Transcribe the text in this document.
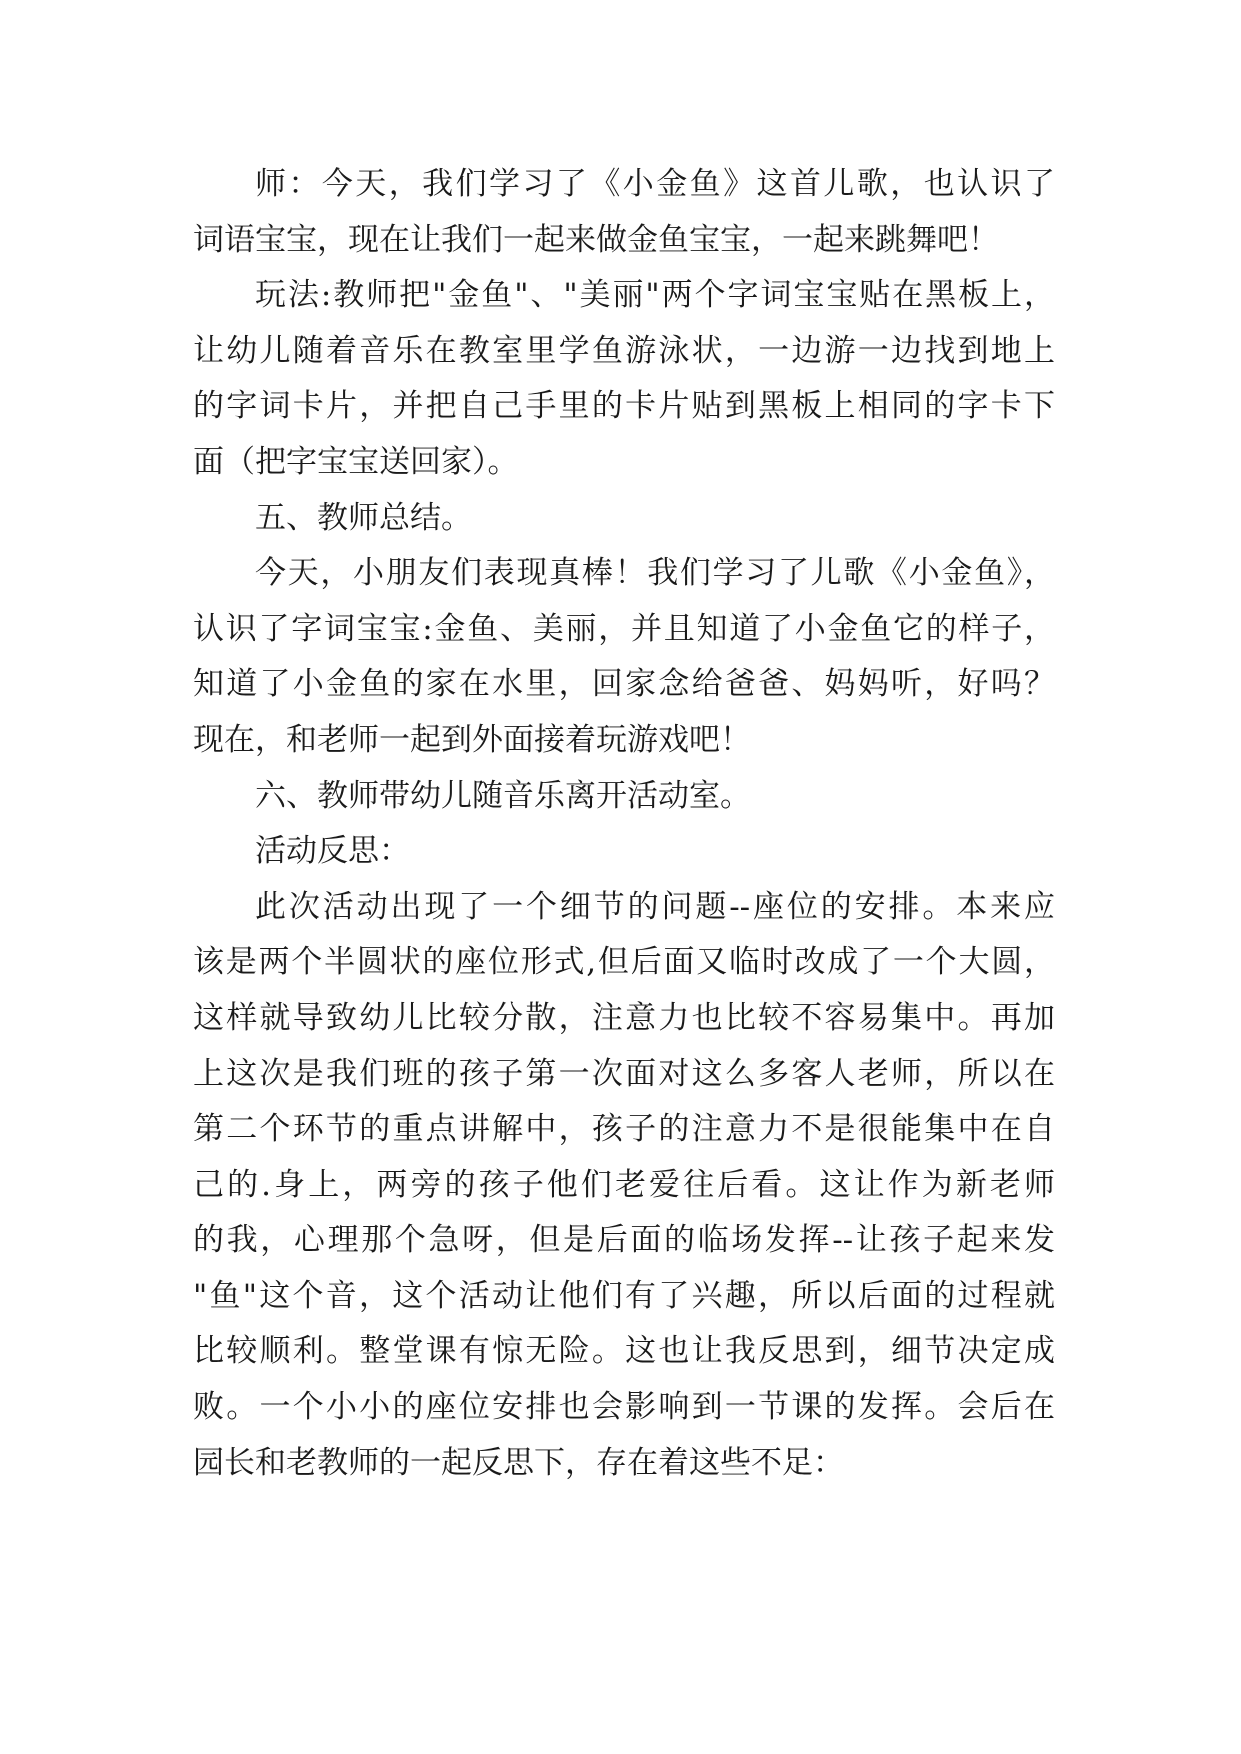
师：今天，我们学习了《小金鱼》这首儿歌，也认识了
词语宝宝，现在让我们一起来做金鱼宝宝，一起来跳舞吧！
玩法:教师把"金鱼"、"美丽"两个字词宝宝贴在黑板上，
让幼儿随着音乐在教室里学鱼游泳状，一边游一边找到地上
的字词卡片，并把自己手里的卡片贴到黑板上相同的字卡下
面（把字宝宝送回家）。
五、教师总结。
今天，小朋友们表现真棒！我们学习了儿歌《小金鱼》，
认识了字词宝宝:金鱼、美丽，并且知道了小金鱼它的样子，
知道了小金鱼的家在水里，回家念给爸爸、妈妈听，好吗？
现在，和老师一起到外面接着玩游戏吧！
六、教师带幼儿随音乐离开活动室。
活动反思：
此次活动出现了一个细节的问题--座位的安排。本来应
该是两个半圆状的座位形式,但后面又临时改成了一个大圆，
这样就导致幼儿比较分散，注意力也比较不容易集中。再加
上这次是我们班的孩子第一次面对这么多客人老师，所以在
第二个环节的重点讲解中，孩子的注意力不是很能集中在自
己的.身上，两旁的孩子他们老爱往后看。这让作为新老师
的我，心理那个急呀，但是后面的临场发挥--让孩子起来发
"鱼"这个音，这个活动让他们有了兴趣，所以后面的过程就
比较顺利。整堂课有惊无险。这也让我反思到，细节决定成
败。一个小小的座位安排也会影响到一节课的发挥。会后在
园长和老教师的一起反思下，存在着这些不足：
